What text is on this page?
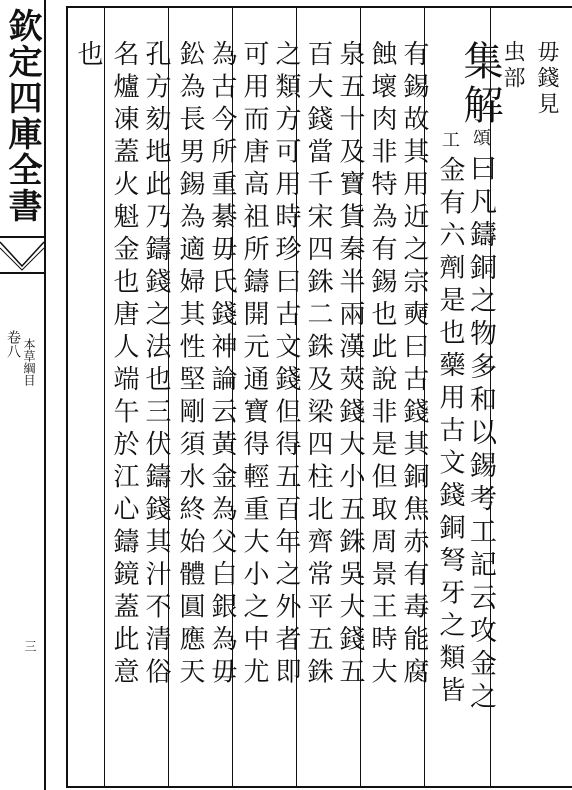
欽定四庫全書
卷八 本草綱目
三
毋錢見
虫部
集解頌曰凡鑄銅之物多和以錫考工記云攻金之
工
也 名爐凍蓋火魁金也唐人端午於江心鑄鏡蓋此意 孔方劾地此乃鑄錢之法也三伏鑄錢其汁不清俗 鈆為長男錫為適婦其性堅剛須水終始體圓應天 為古今所重綦毋氏錢神論云黃金為父白銀為毋 可用而唐高祖所鑄開元通寶得輕重大小之中尤 之類方可用時珍曰古文錢但得五百年之外者即 百大錢當千宋四銖二銖及梁四柱北齊常平五銖 泉五十及寶貨秦半兩漢莢錢大小五銖吳大錢五 蝕壞肉非特為有錫也此說非是但取周景王時大 有錫故其用近之宗奭曰古錢其銅焦赤有毒能腐 金有六劑是也藥用古文錢銅弩牙之類皆
